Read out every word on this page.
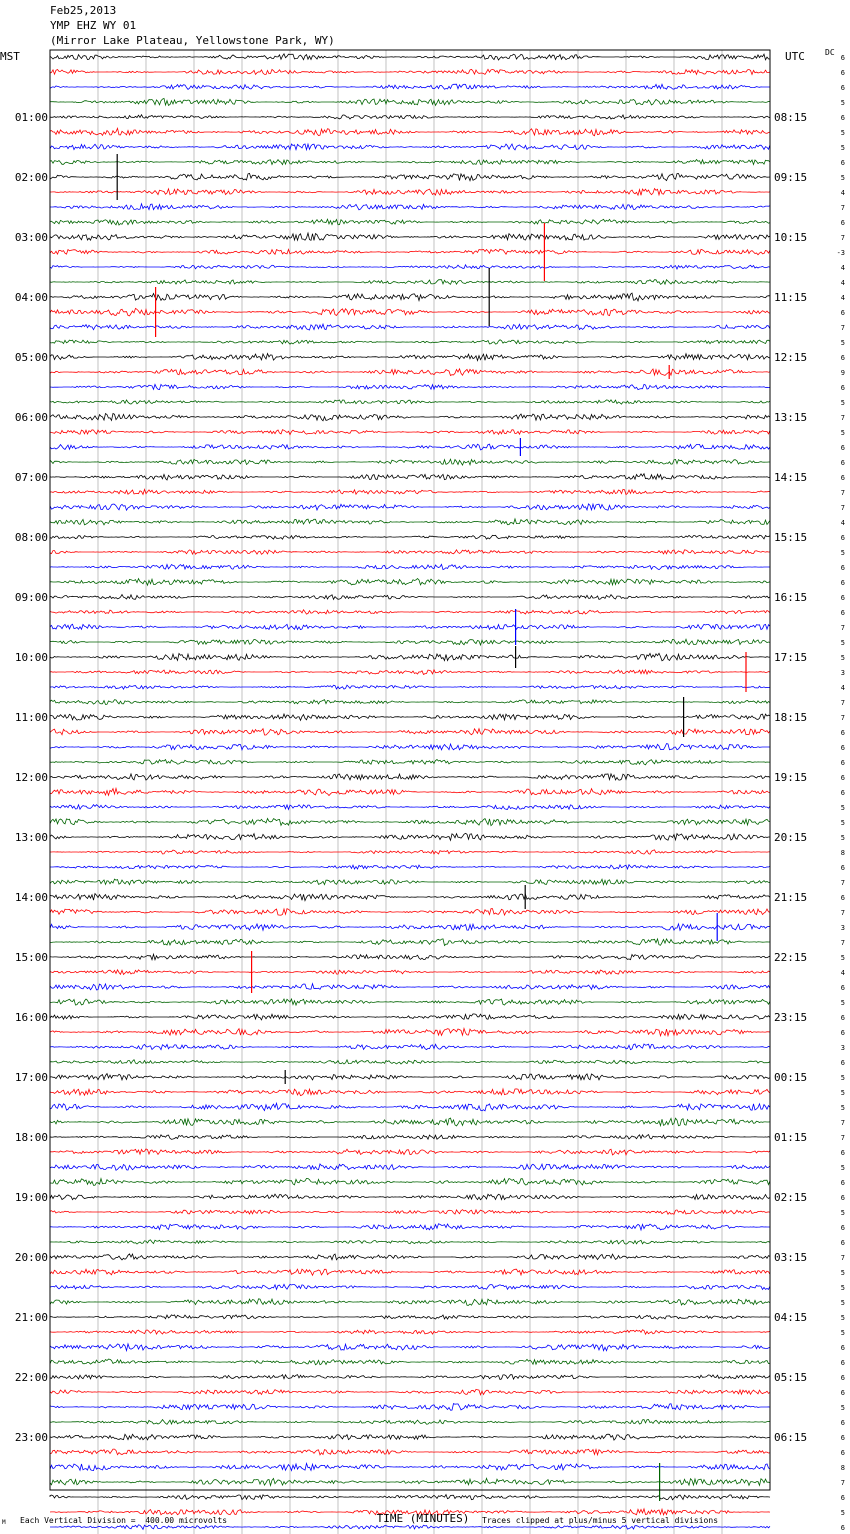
Feb25,2013
YMP EHZ WY 01
(Mirror Lake Plateau, Yellowstone Park, WY)
MST	UTC	DC
01:00
02:00
03:00
04:00
05:00
06:00
07:00
08:00
09:00
10:00
11:00
12:00
13:00
14:00
15:00
16:00
17:00
18:00
19:00
20:00
21:00
22:00
23:00
08:15
09:15
10:15
11:15
12:15
13:15
14:15
15:15
16:15
17:15
18:15
19:15
20:15
21:15
22:15
23:15
00:15
01:15
02:15
03:15
04:15
05:15
06:15
6
6
6
5
6
5
5
6
5
4
7
6
7
-3
4
4
4
6
7
5
6
9
6
5
7
5
6
6
6
7
7
4
6
5
6
6
6
6
7
5
5
3
4
7
7
6
6
6
6
6
5
5
5
8
6
7
6
7
3
7
5
4
6
5
6
6
3
6
5
5
5
7
7
6
5
6
6
5
6
6
7
5
5
5
5
5
6
6
6
6
5
6
6
6
8
7
6
5
6
TIME (MINUTES)
Each Vertical Division =  400.00 microvolts	Traces clipped at plus/minus 5 vertical divisions
M
